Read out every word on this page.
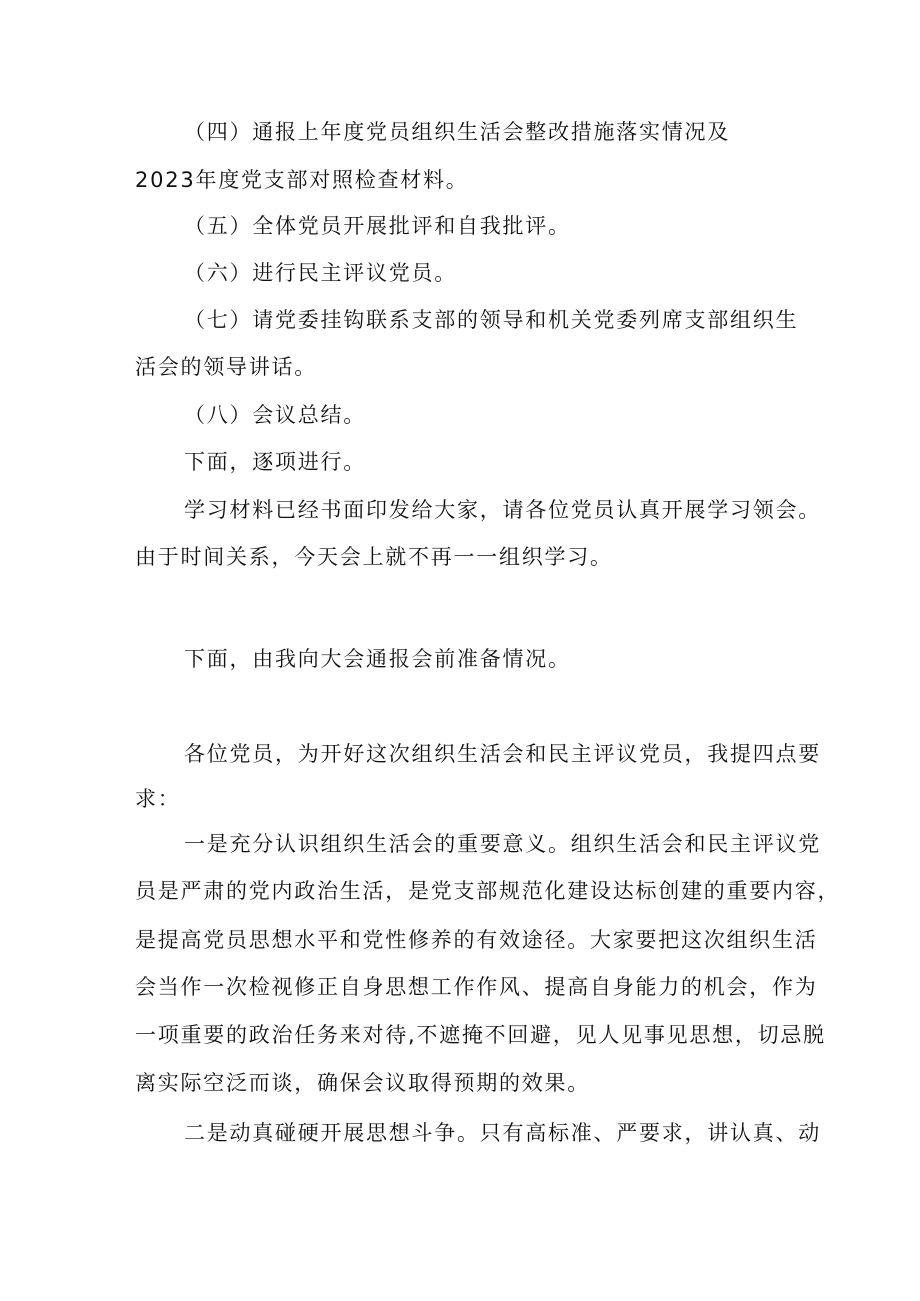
（四）通报上年度党员组织生活会整改措施落实情况及
2023年度党支部对照检查材料。
（五）全体党员开展批评和自我批评。
（六）进行民主评议党员。
（七）请党委挂钩联系支部的领导和机关党委列席支部组织生
活会的领导讲话。
（八）会议总结。
下面，逐项进行。
学习材料已经书面印发给大家，请各位党员认真开展学习领会。
由于时间关系，今天会上就不再一一组织学习。
下面，由我向大会通报会前准备情况。
各位党员，为开好这次组织生活会和民主评议党员，我提四点要
求：
一是充分认识组织生活会的重要意义。组织生活会和民主评议党
员是严肃的党内政治生活，是党支部规范化建设达标创建的重要内容，
是提高党员思想水平和党性修养的有效途径。大家要把这次组织生活
会当作一次检视修正自身思想工作作风、提高自身能力的机会，作为
一项重要的政治任务来对待,不遮掩不回避，见人见事见思想，切忌脱
离实际空泛而谈，确保会议取得预期的效果。
二是动真碰硬开展思想斗争。只有高标准、严要求，讲认真、动
